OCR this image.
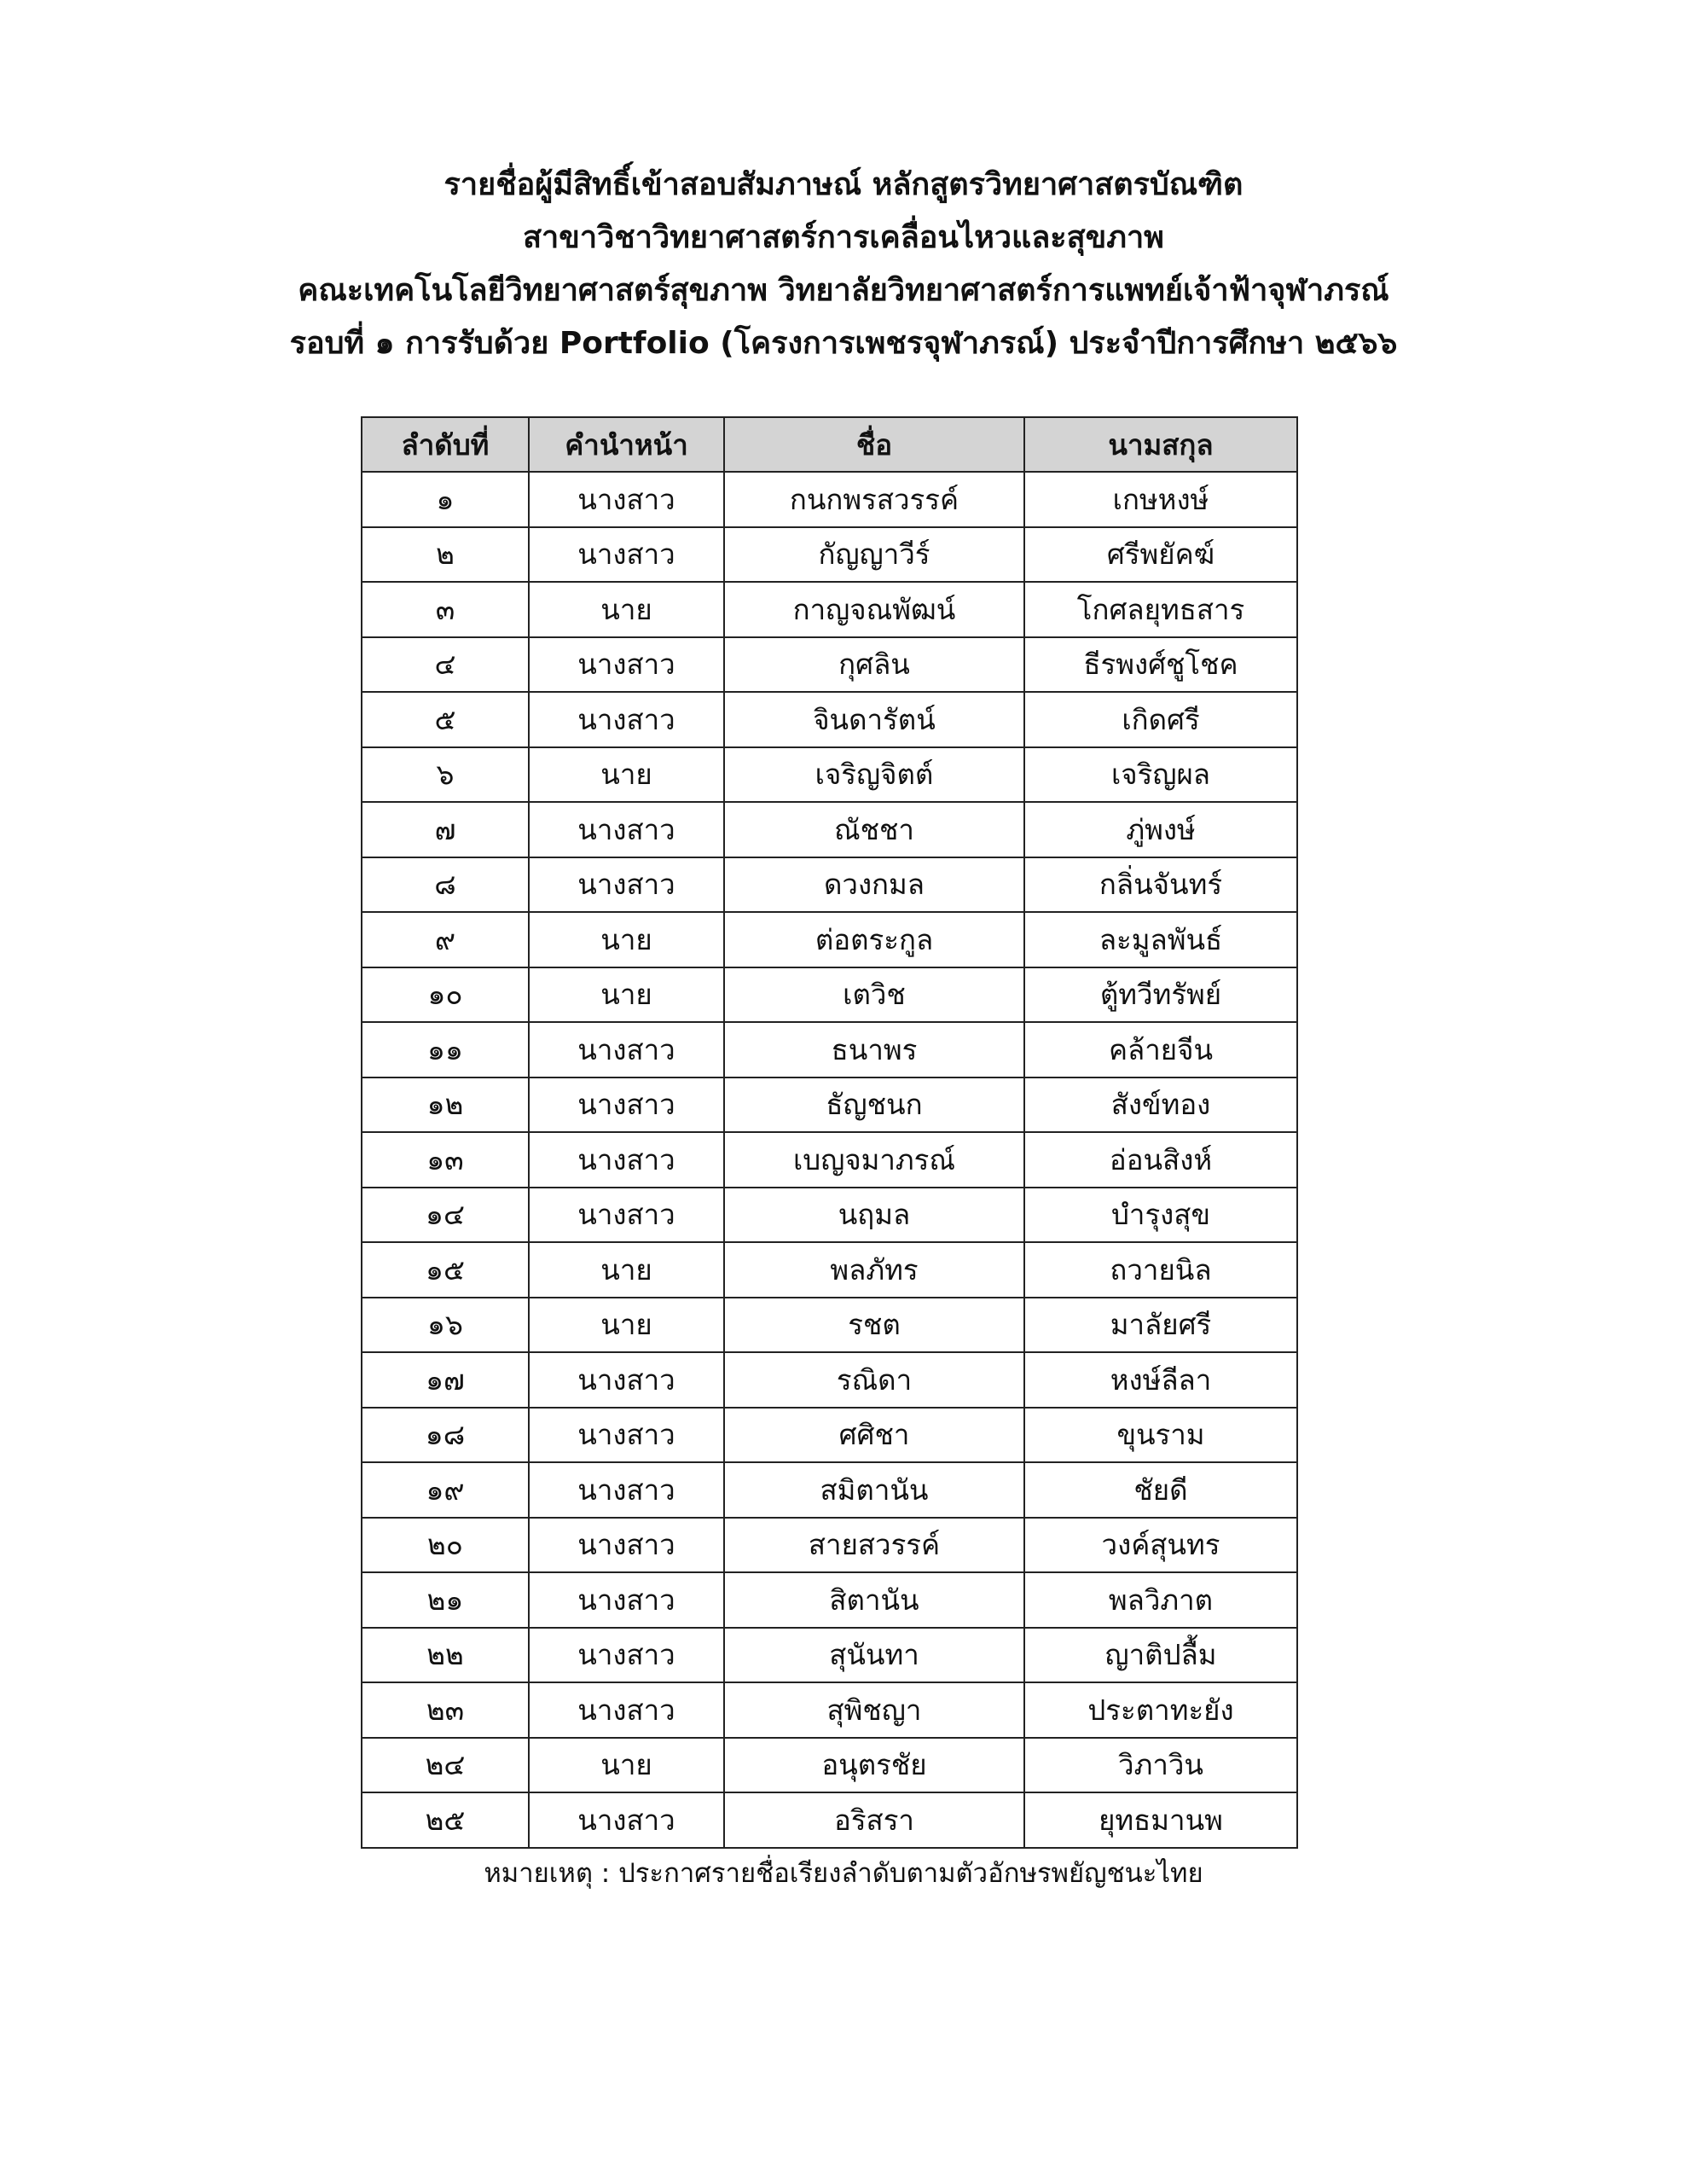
รายชื่อผู้มีสิทธิ์เข้าสอบสัมภาษณ์ หลักสูตรวิทยาศาสตรบัณฑิต
สาขาวิชาวิทยาศาสตร์การเคลื่อนไหวและสุขภาพ
คณะเทคโนโลยีวิทยาศาสตร์สุขภาพ วิทยาลัยวิทยาศาสตร์การแพทย์เจ้าฟ้าจุฬาภรณ์
รอบที่ ๑ การรับด้วย Portfolio (โครงการเพชรจุฬาภรณ์) ประจำปีการศึกษา ๒๕๖๖
ลำดับที่	คำนำหน้า	ชื่อ	นามสกุล
๑	นางสาว	กนกพรสวรรค์	เกษหงษ์
๒	นางสาว	กัญญาวีร์	ศรีพยัคฆ์
๓	นาย	กาญจณพัฒน์	โกศลยุทธสาร
๔	นางสาว	กุศลิน	ธีรพงศ์ชูโชค
๕	นางสาว	จินดารัตน์	เกิดศรี
๖	นาย	เจริญจิตต์	เจริญผล
๗	นางสาว	ณัชชา	ภู่พงษ์
๘	นางสาว	ดวงกมล	กลิ่นจันทร์
๙	นาย	ต่อตระกูล	ละมูลพันธ์
๑๐	นาย	เตวิช	ตู้ทวีทรัพย์
๑๑	นางสาว	ธนาพร	คล้ายจีน
๑๒	นางสาว	ธัญชนก	สังข์ทอง
๑๓	นางสาว	เบญจมาภรณ์	อ่อนสิงห์
๑๔	นางสาว	นฤมล	บำรุงสุข
๑๕	นาย	พลภัทร	ถวายนิล
๑๖	นาย	รชต	มาลัยศรี
๑๗	นางสาว	รณิดา	หงษ์ลีลา
๑๘	นางสาว	ศศิชา	ขุนราม
๑๙	นางสาว	สมิตานัน	ชัยดี
๒๐	นางสาว	สายสวรรค์	วงค์สุนทร
๒๑	นางสาว	สิตานัน	พลวิภาต
๒๒	นางสาว	สุนันทา	ญาติปลื้ม
๒๓	นางสาว	สุพิชญา	ประตาทะยัง
๒๔	นาย	อนุตรชัย	วิภาวิน
๒๕	นางสาว	อริสรา	ยุทธมานพ
หมายเหตุ : ประกาศรายชื่อเรียงลำดับตามตัวอักษรพยัญชนะไทย
